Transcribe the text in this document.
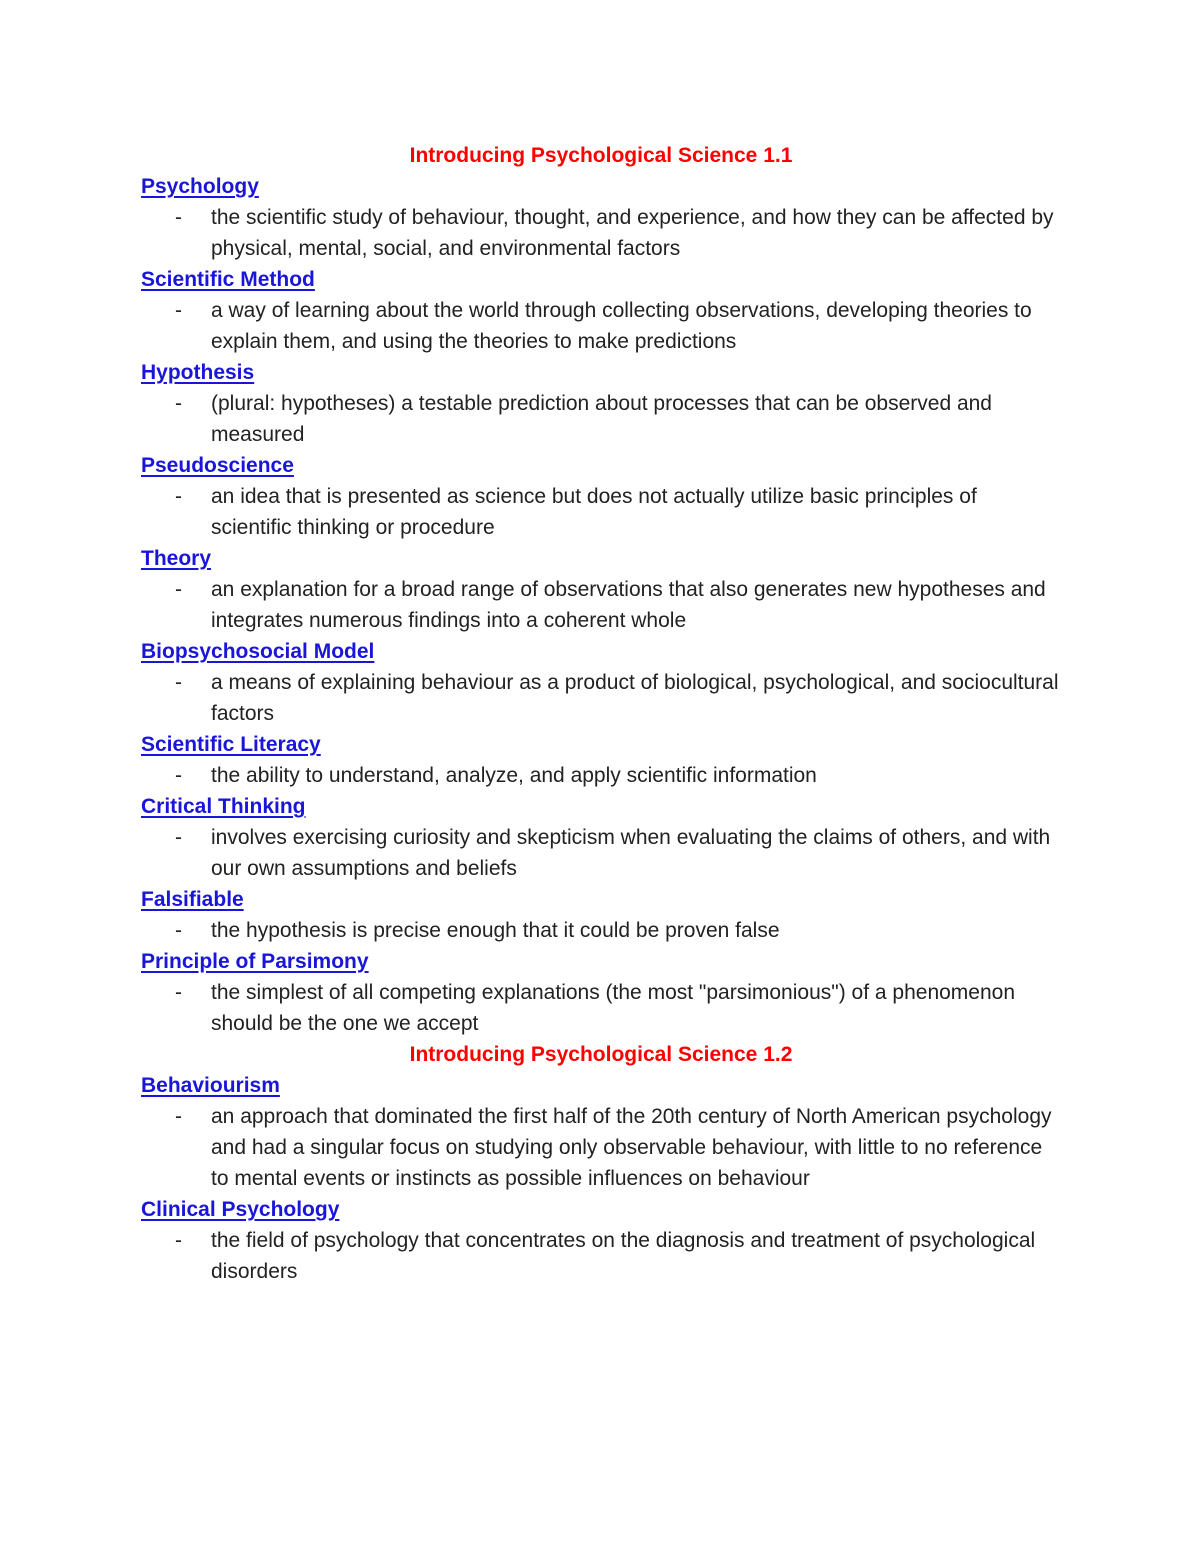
Introducing Psychological Science 1.1
Psychology
- the scientific study of behaviour, thought, and experience, and how they can be affected by physical, mental, social, and environmental factors
Scientific Method
- a way of learning about the world through collecting observations, developing theories to explain them, and using the theories to make predictions
Hypothesis
- (plural: hypotheses) a testable prediction about processes that can be observed and measured
Pseudoscience
- an idea that is presented as science but does not actually utilize basic principles of scientific thinking or procedure
Theory
- an explanation for a broad range of observations that also generates new hypotheses and integrates numerous findings into a coherent whole
Biopsychosocial Model
- a means of explaining behaviour as a product of biological, psychological, and sociocultural factors
Scientific Literacy
- the ability to understand, analyze, and apply scientific information
Critical Thinking
- involves exercising curiosity and skepticism when evaluating the claims of others, and with our own assumptions and beliefs
Falsifiable
- the hypothesis is precise enough that it could be proven false
Principle of Parsimony
- the simplest of all competing explanations (the most "parsimonious") of a phenomenon should be the one we accept
Introducing Psychological Science 1.2
Behaviourism
- an approach that dominated the first half of the 20th century of North American psychology and had a singular focus on studying only observable behaviour, with little to no reference to mental events or instincts as possible influences on behaviour
Clinical Psychology
- the field of psychology that concentrates on the diagnosis and treatment of psychological disorders
